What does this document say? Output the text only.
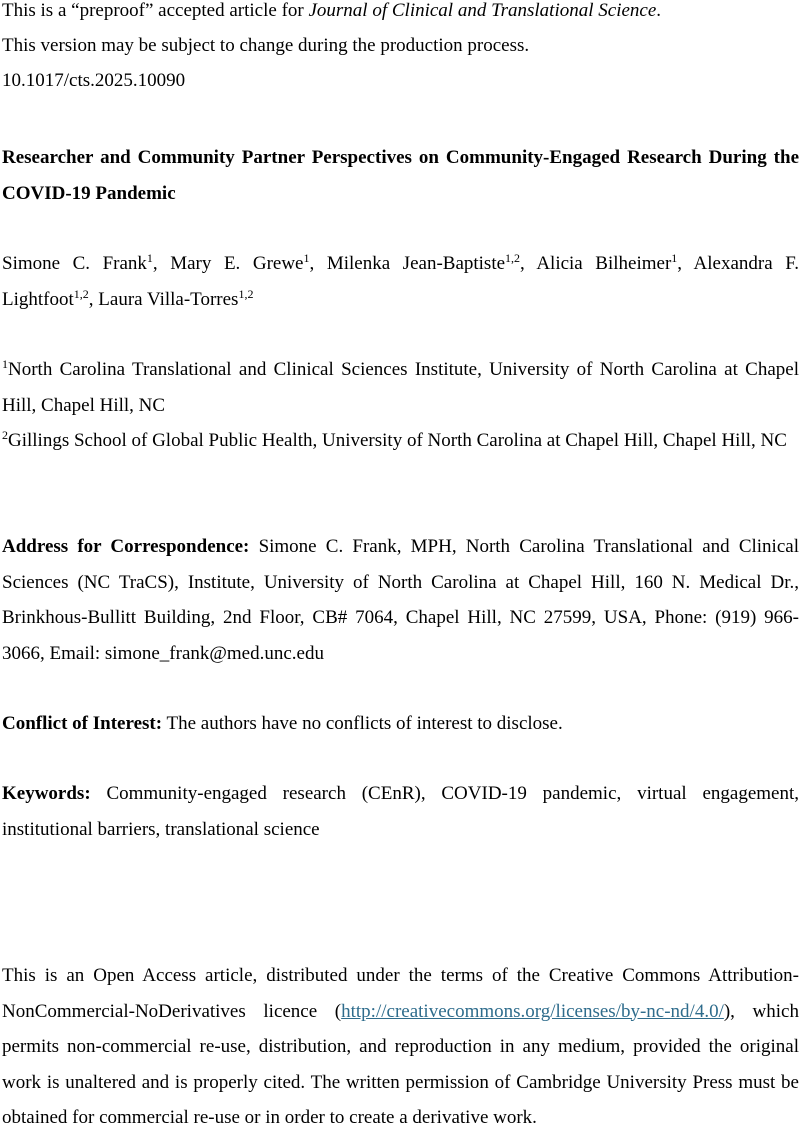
This is a “preproof” accepted article for Journal of Clinical and Translational Science.
This version may be subject to change during the production process.
10.1017/cts.2025.10090
Researcher and Community Partner Perspectives on Community-Engaged Research During the COVID-19 Pandemic
Simone C. Frank$^1$, Mary E. Grewe$^1$, Milenka Jean-Baptiste$^{1,2}$, Alicia Bilheimer$^1$, Alexandra F. Lightfoot$^{1,2}$, Laura Villa-Torres$^{1,2}$
$^1$North Carolina Translational and Clinical Sciences Institute, University of North Carolina at Chapel Hill, Chapel Hill, NC
$^2$Gillings School of Global Public Health, University of North Carolina at Chapel Hill, Chapel Hill, NC
Address for Correspondence: Simone C. Frank, MPH, North Carolina Translational and Clinical Sciences (NC TraCS), Institute, University of North Carolina at Chapel Hill, 160 N. Medical Dr., Brinkhous-Bullitt Building, 2nd Floor, CB# 7064, Chapel Hill, NC 27599, USA, Phone: (919) 966-3066, Email: simone_frank@med.unc.edu
Conflict of Interest: The authors have no conflicts of interest to disclose.
Keywords: Community-engaged research (CEnR), COVID-19 pandemic, virtual engagement, institutional barriers, translational science
This is an Open Access article, distributed under the terms of the Creative Commons Attribution-NonCommercial-NoDerivatives licence (http://creativecommons.org/licenses/by-nc-nd/4.0/), which permits non-commercial re-use, distribution, and reproduction in any medium, provided the original work is unaltered and is properly cited. The written permission of Cambridge University Press must be obtained for commercial re-use or in order to create a derivative work.
